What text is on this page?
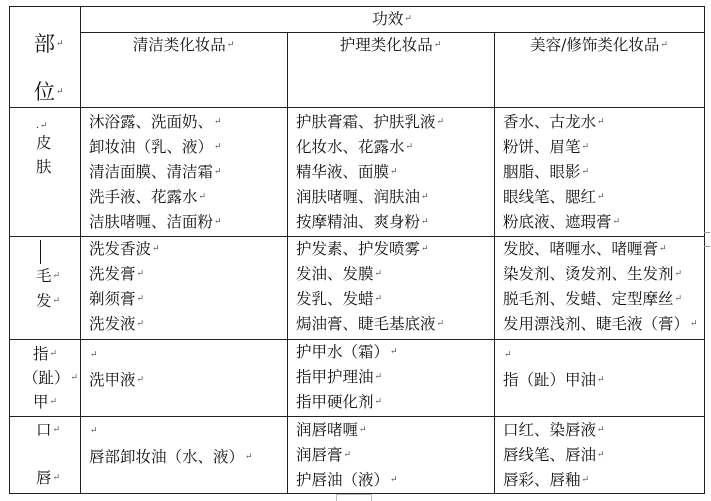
部↵
位↵
功效↵
清洁类化妆品↵	护理类化妆品↵	美容/修饰类化妆品↵
.↵
皮
肤
沐浴露、洗面奶、↵
卸妆油（乳、液）↵
清洁面膜、清洁霜↵
洗手液、花露水↵
洁肤啫喱、洁面粉↵
护肤膏霜、护肤乳液↵
化妆水、花露水↵
精华液、面膜↵
润肤啫喱、润肤油↵
按摩精油、爽身粉↵
香水、古龙水↵
粉饼、眉笔↵
胭脂、眼影↵
眼线笔、腮红↵
粉底液、遮瑕膏↵
毛↵
发↵
洗发香波↵
洗发膏↵
剃须膏↵
洗发液↵
护发素、护发喷雾↵
发油、发膜↵
发乳、发蜡↵
焗油膏、睫毛基底液↵
发胶、啫喱水、啫喱膏↵
染发剂、烫发剂、生发剂↵
脱毛剂、发蜡、定型摩丝↵
发用漂浅剂、睫毛液（膏）↵
指↵
（趾）↵
甲↵
↵
洗甲液↵
护甲水（霜）↵
指甲护理油↵
指甲硬化剂↵
↵
指（趾）甲油↵
口↵

唇↵
↵
唇部卸妆油（水、液）↵
润唇啫喱↵
润唇膏↵
护唇油（液）↵
口红、染唇液↵
唇线笔、唇油↵
唇彩、唇釉↵
